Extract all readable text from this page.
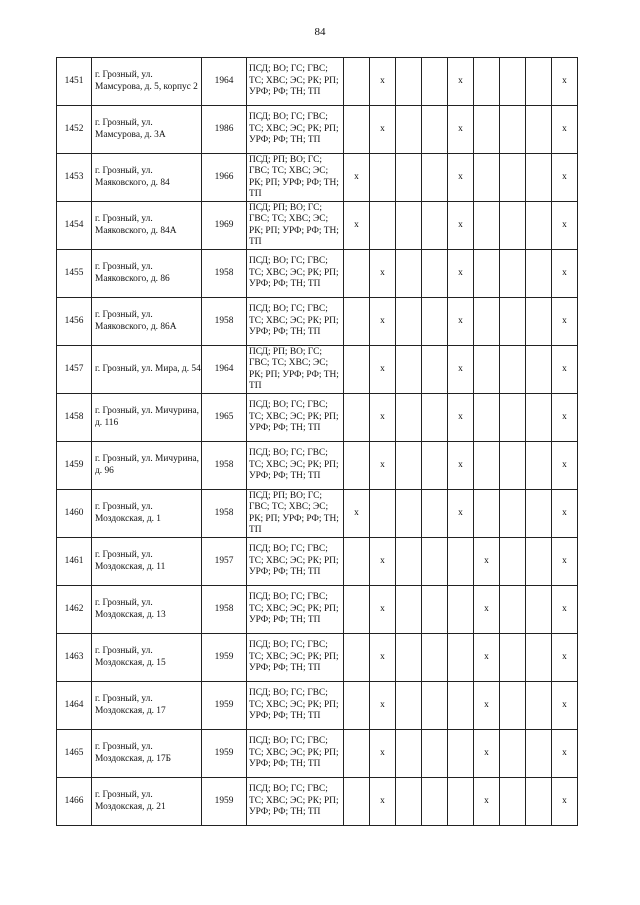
84
1451	г. Грозный, ул. Мамсурова, д. 5, корпус 2	1964	ПСД; ВО; ГС; ГВС; ТС; ХВС; ЭС; РК; РП; УРФ; РФ; ТН; ТП		х			х				х
1452	г. Грозный, ул. Мамсурова, д. 3А	1986	ПСД; ВО; ГС; ГВС; ТС; ХВС; ЭС; РК; РП; УРФ; РФ; ТН; ТП		х			х				х
1453	г. Грозный, ул. Маяковского, д. 84	1966	ПСД; РП; ВО; ГС; ГВС; ТС; ХВС; ЭС; РК; РП; УРФ; РФ; ТН; ТП	х				х				х
1454	г. Грозный, ул. Маяковского, д. 84А	1969	ПСД; РП; ВО; ГС; ГВС; ТС; ХВС; ЭС; РК; РП; УРФ; РФ; ТН; ТП	х				х				х
1455	г. Грозный, ул. Маяковского, д. 86	1958	ПСД; ВО; ГС; ГВС; ТС; ХВС; ЭС; РК; РП; УРФ; РФ; ТН; ТП		х			х				х
1456	г. Грозный, ул. Маяковского, д. 86А	1958	ПСД; ВО; ГС; ГВС; ТС; ХВС; ЭС; РК; РП; УРФ; РФ; ТН; ТП		х			х				х
1457	г. Грозный, ул. Мира, д. 54	1964	ПСД; РП; ВО; ГС; ГВС; ТС; ХВС; ЭС; РК; РП; УРФ; РФ; ТН; ТП		х			х				х
1458	г. Грозный, ул. Мичурина, д. 116	1965	ПСД; ВО; ГС; ГВС; ТС; ХВС; ЭС; РК; РП; УРФ; РФ; ТН; ТП		х			х				х
1459	г. Грозный, ул. Мичурина, д. 96	1958	ПСД; ВО; ГС; ГВС; ТС; ХВС; ЭС; РК; РП; УРФ; РФ; ТН; ТП		х			х				х
1460	г. Грозный, ул. Моздокская, д. 1	1958	ПСД; РП; ВО; ГС; ГВС; ТС; ХВС; ЭС; РК; РП; УРФ; РФ; ТН; ТП	х				х				х
1461	г. Грозный, ул. Моздокская, д. 11	1957	ПСД; ВО; ГС; ГВС; ТС; ХВС; ЭС; РК; РП; УРФ; РФ; ТН; ТП		х				х			х
1462	г. Грозный, ул. Моздокская, д. 13	1958	ПСД; ВО; ГС; ГВС; ТС; ХВС; ЭС; РК; РП; УРФ; РФ; ТН; ТП		х				х			х
1463	г. Грозный, ул. Моздокская, д. 15	1959	ПСД; ВО; ГС; ГВС; ТС; ХВС; ЭС; РК; РП; УРФ; РФ; ТН; ТП		х				х			х
1464	г. Грозный, ул. Моздокская, д. 17	1959	ПСД; ВО; ГС; ГВС; ТС; ХВС; ЭС; РК; РП; УРФ; РФ; ТН; ТП		х				х			х
1465	г. Грозный, ул. Моздокская, д. 17Б	1959	ПСД; ВО; ГС; ГВС; ТС; ХВС; ЭС; РК; РП; УРФ; РФ; ТН; ТП		х				х			х
1466	г. Грозный, ул. Моздокская, д. 21	1959	ПСД; ВО; ГС; ГВС; ТС; ХВС; ЭС; РК; РП; УРФ; РФ; ТН; ТП		х				х			х
